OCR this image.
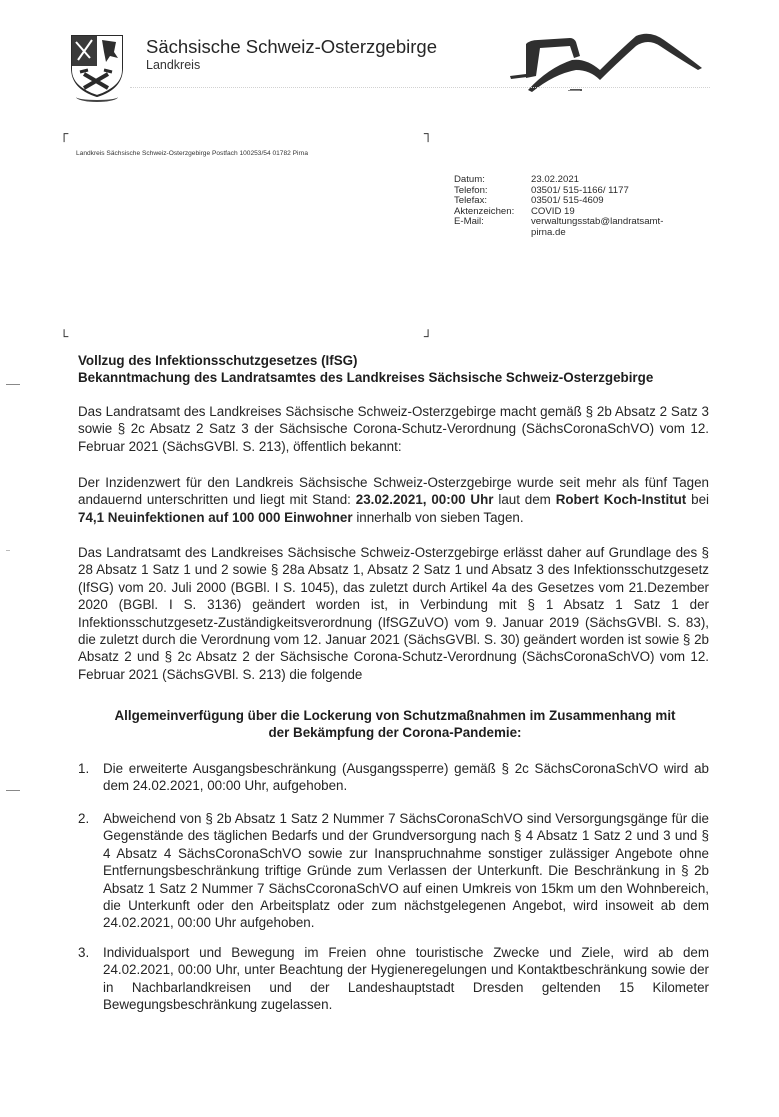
Sächsische Schweiz-Osterzgebirge
Landkreis
┌	┐
└	┘
Landkreis Sächsische Schweiz-Osterzgebirge Postfach 100253/54 01782 Pirna
Datum:	23.02.2021
Telefon:	03501/ 515-1166/ 1177
Telefax:	03501/ 515-4609
Aktenzeichen:	COVID 19
E-Mail:	verwaltungsstab@landratsamt-
pirna.de
Vollzug des Infektionsschutzgesetzes (IfSG)
Bekanntmachung des Landratsamtes des Landkreises Sächsische Schweiz-Osterzgebirge
Das Landratsamt des Landkreises Sächsische Schweiz-Osterzgebirge macht gemäß § 2b Absatz 2 Satz 3 sowie § 2c Absatz 2 Satz 3 der Sächsische Corona-Schutz-Verordnung (SächsCoronaSchVO) vom 12. Februar 2021 (SächsGVBl. S. 213), öffentlich bekannt:
Der Inzidenzwert für den Landkreis Sächsische Schweiz-Osterzgebirge wurde seit mehr als fünf Tagen andauernd unterschritten und liegt mit Stand: 23.02.2021, 00:00 Uhr laut dem Robert Koch-Institut bei 74,1 Neuinfektionen auf 100 000 Einwohner innerhalb von sieben Tagen.
Das Landratsamt des Landkreises Sächsische Schweiz-Osterzgebirge erlässt daher auf Grundlage des § 28 Absatz 1 Satz 1 und 2 sowie § 28a Absatz 1, Absatz 2 Satz 1 und Absatz 3 des Infektionsschutzgesetz (IfSG) vom 20. Juli 2000 (BGBl. I S. 1045), das zuletzt durch Artikel 4a des Gesetzes vom 21.Dezember 2020 (BGBl. I S. 3136) geändert worden ist, in Verbindung mit § 1 Absatz 1 Satz 1 der Infektionsschutzgesetz-Zuständigkeitsverordnung (IfSGZuVO) vom 9. Januar 2019 (SächsGVBl. S. 83), die zuletzt durch die Verordnung vom 12. Januar 2021 (SächsGVBl. S. 30) geändert worden ist sowie § 2b Absatz 2 und § 2c Absatz 2 der Sächsische Corona-Schutz-Verordnung (SächsCoronaSchVO) vom 12. Februar 2021 (SächsGVBl. S. 213) die folgende
Allgemeinverfügung über die Lockerung von Schutzmaßnahmen im Zusammenhang mit
der Bekämpfung der Corona-Pandemie:
1. Die erweiterte Ausgangsbeschränkung (Ausgangssperre) gemäß § 2c SächsCoronaSchVO wird ab dem 24.02.2021, 00:00 Uhr, aufgehoben.
2. Abweichend von § 2b Absatz 1 Satz 2 Nummer 7 SächsCoronaSchVO sind Versorgungsgänge für die Gegenstände des täglichen Bedarfs und der Grundversorgung nach § 4 Absatz 1 Satz 2 und 3 und § 4 Absatz 4 SächsCoronaSchVO sowie zur Inanspruchnahme sonstiger zulässiger Angebote ohne Entfernungsbeschränkung triftige Gründe zum Verlassen der Unterkunft. Die Beschränkung in § 2b Absatz 1 Satz 2 Nummer 7 SächsCcoronaSchVO auf einen Umkreis von 15km um den Wohnbereich, die Unterkunft oder den Arbeitsplatz oder zum nächstgelegenen Angebot, wird insoweit ab dem 24.02.2021, 00:00 Uhr aufgehoben.
3. Individualsport und Bewegung im Freien ohne touristische Zwecke und Ziele, wird ab dem 24.02.2021, 00:00 Uhr, unter Beachtung der Hygieneregelungen und Kontaktbeschränkung sowie der in Nachbarlandkreisen und der Landeshauptstadt Dresden geltenden 15 Kilometer Bewegungsbeschränkung zugelassen.
